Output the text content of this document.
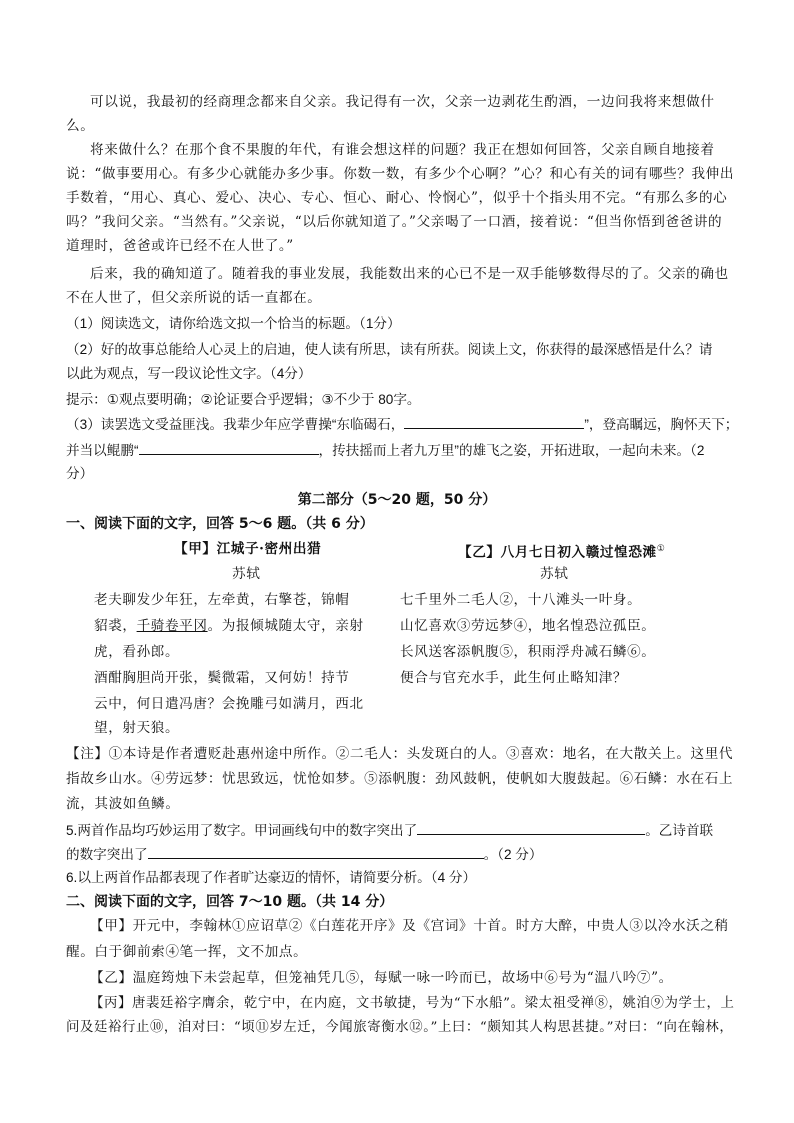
可以说，我最初的经商理念都来自父亲。我记得有一次，父亲一边剥花生酌酒，一边问我将来想做什
么。
将来做什么？在那个食不果腹的年代，有谁会想这样的问题？我正在想如何回答，父亲自顾自地接着
说：“做事要用心。有多少心就能办多少事。你数一数，有多少个心啊？”心？和心有关的词有哪些？我伸出
手数着，“用心、真心、爱心、决心、专心、恒心、耐心、怜悯心”，似乎十个指头用不完。“有那么多的心
吗？”我问父亲。“当然有。”父亲说，“以后你就知道了。”父亲喝了一口酒，接着说：“但当你悟到爸爸讲的
道理时，爸爸或许已经不在人世了。”
后来，我的确知道了。随着我的事业发展，我能数出来的心已不是一双手能够数得尽的了。父亲的确也
不在人世了，但父亲所说的话一直都在。
（1）阅读选文，请你给选文拟一个恰当的标题。（1分）
（2）好的故事总能给人心灵上的启迪，使人读有所思，读有所获。阅读上文，你获得的最深感悟是什么？请
以此为观点，写一段议论性文字。（4分）
提示：①观点要明确；②论证要合乎逻辑；③不少于 80字。
（3）读罢选文受益匪浅。我辈少年应学曹操“东临碣石，	”，登高瞩远，胸怀天下；
并当以鲲鹏“	，抟扶摇而上者九万里”的雄飞之姿，开拓进取，一起向未来。（2
分）
第二部分（5～20 题，50 分）
一、阅读下面的文字，回答 5～6 题。（共 6 分）
【甲】江城子·密州出猎
苏轼
老夫聊发少年狂，左牵黄，右擎苍，锦帽
貂裘，千骑卷平冈。为报倾城随太守，亲射
虎，看孙郎。
酒酣胸胆尚开张，鬓微霜，又何妨！持节
云中，何日遣冯唐？会挽雕弓如满月，西北
望，射天狼。
【乙】八月七日初入赣过惶恐滩①
苏轼
七千里外二毛人②，十八滩头一叶身。
山忆喜欢③劳远梦④，地名惶恐泣孤臣。
长风送客添帆腹⑤，积雨浮舟减石鳞⑥。
便合与官充水手，此生何止略知津？
【注】①本诗是作者遭贬赴惠州途中所作。②二毛人：头发斑白的人。③喜欢：地名，在大散关上。这里代
指故乡山水。④劳远梦：忧思致远，忧怆如梦。⑤添帆腹：劲风鼓帆，使帆如大腹鼓起。⑥石鳞：水在石上
流，其波如鱼鳞。
5.两首作品均巧妙运用了数字。甲词画线句中的数字突出了	。乙诗首联
的数字突出了	。（2 分）
6.以上两首作品都表现了作者旷达豪迈的情怀，请简要分析。（4 分）
二、阅读下面的文字，回答 7～10 题。（共 14 分）
【甲】开元中，李翰林①应诏草②《白莲花开序》及《宫词》十首。时方大醉，中贵人③以冷水沃之稍
醒。白于御前索④笔一挥，文不加点。
【乙】温庭筠烛下未尝起草，但笼袖凭几⑤，每赋一咏一吟而已，故场中⑥号为“温八吟⑦”。
【丙】唐裴廷裕字膺余，乾宁中，在内庭，文书敏捷，号为“下水船”。梁太祖受禅⑧，姚洎⑨为学士，上
问及廷裕行止⑩，洎对曰：“顷⑪岁左迁，今闻旅寄衡水⑫。”上曰：“颇知其人构思甚捷。”对曰：“向在翰林，
